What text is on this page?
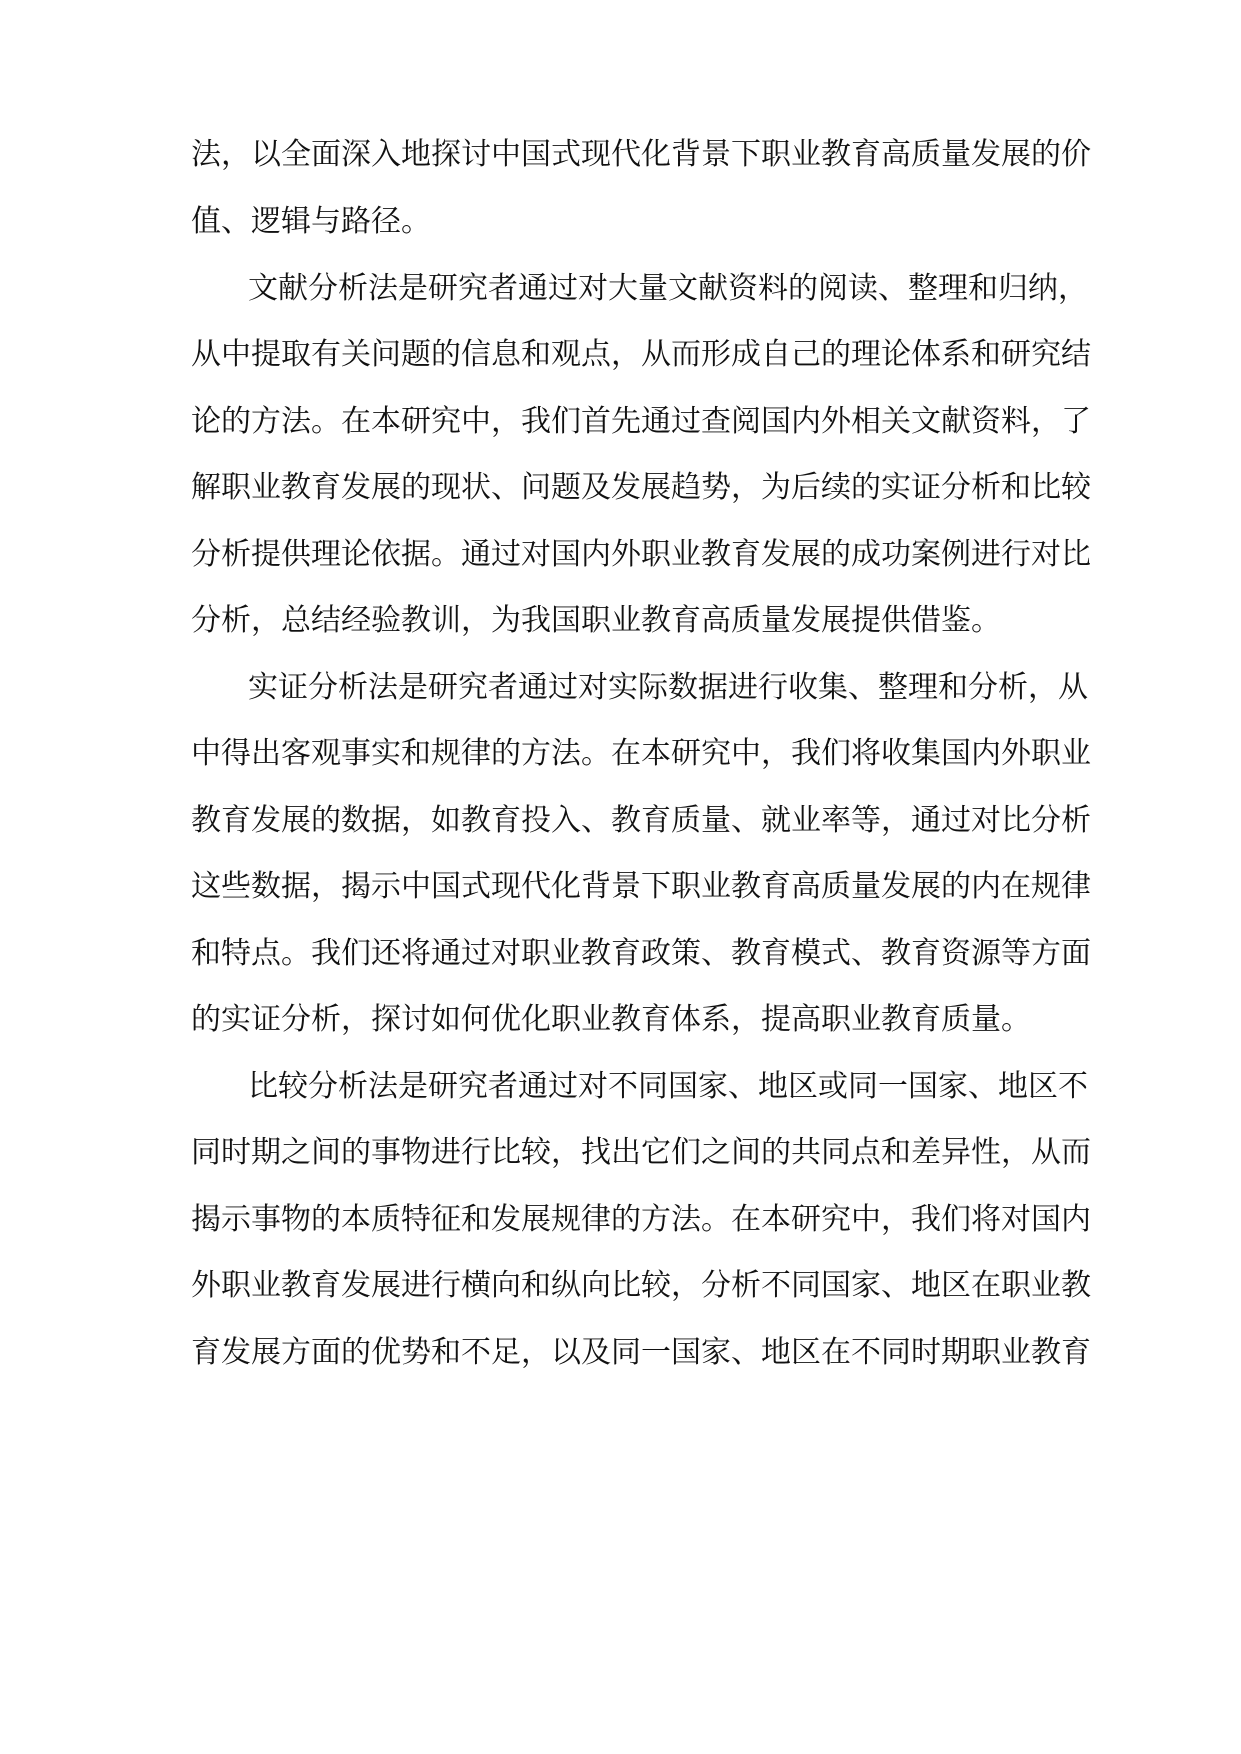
法，以全面深入地探讨中国式现代化背景下职业教育高质量发展的价
值、逻辑与路径。
文献分析法是研究者通过对大量文献资料的阅读、整理和归纳，
从中提取有关问题的信息和观点，从而形成自己的理论体系和研究结
论的方法。在本研究中，我们首先通过查阅国内外相关文献资料，了
解职业教育发展的现状、问题及发展趋势，为后续的实证分析和比较
分析提供理论依据。通过对国内外职业教育发展的成功案例进行对比
分析，总结经验教训，为我国职业教育高质量发展提供借鉴。
实证分析法是研究者通过对实际数据进行收集、整理和分析，从
中得出客观事实和规律的方法。在本研究中，我们将收集国内外职业
教育发展的数据，如教育投入、教育质量、就业率等，通过对比分析
这些数据，揭示中国式现代化背景下职业教育高质量发展的内在规律
和特点。我们还将通过对职业教育政策、教育模式、教育资源等方面
的实证分析，探讨如何优化职业教育体系，提高职业教育质量。
比较分析法是研究者通过对不同国家、地区或同一国家、地区不
同时期之间的事物进行比较，找出它们之间的共同点和差异性，从而
揭示事物的本质特征和发展规律的方法。在本研究中，我们将对国内
外职业教育发展进行横向和纵向比较，分析不同国家、地区在职业教
育发展方面的优势和不足，以及同一国家、地区在不同时期职业教育
